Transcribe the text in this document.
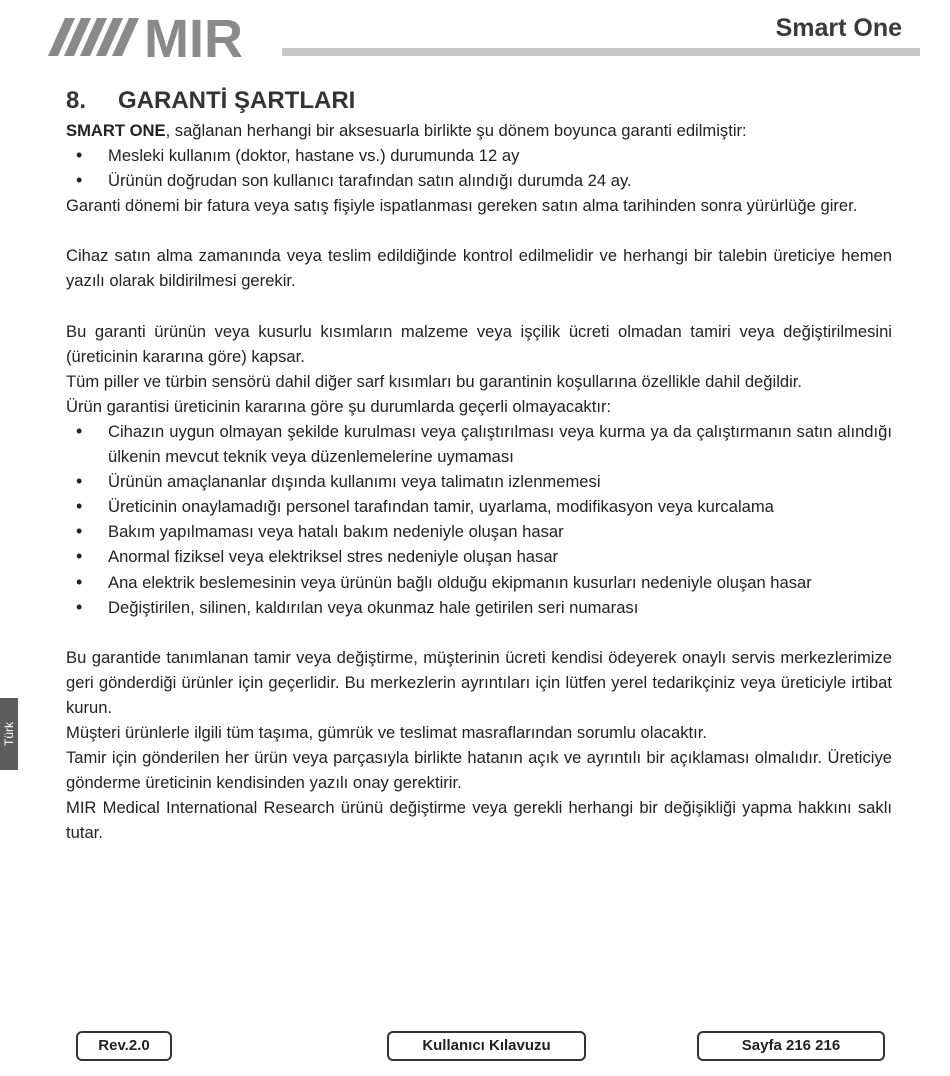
MIR	Smart One
Türk
8. GARANTİ ŞARTLARI

SMART ONE, sağlanan herhangi bir aksesuarla birlikte şu dönem boyunca garanti edilmiştir:

• Mesleki kullanım (doktor, hastane vs.) durumunda 12 ay
• Ürünün doğrudan son kullanıcı tarafından satın alındığı durumda 24 ay.

Garanti dönemi bir fatura veya satış fişiyle ispatlanması gereken satın alma tarihinden sonra yürürlüğe girer.

Cihaz satın alma zamanında veya teslim edildiğinde kontrol edilmelidir ve herhangi bir talebin üreticiye hemen yazılı olarak bildirilmesi gerekir.

Bu garanti ürünün veya kusurlu kısımların malzeme veya işçilik ücreti olmadan tamiri veya değiştirilmesini (üreticinin kararına göre) kapsar.

Tüm piller ve türbin sensörü dahil diğer sarf kısımları bu garantinin koşullarına özellikle dahil değildir.

Ürün garantisi üreticinin kararına göre şu durumlarda geçerli olmayacaktır:

• Cihazın uygun olmayan şekilde kurulması veya çalıştırılması veya kurma ya da çalıştırmanın satın alındığı ülkenin mevcut teknik veya düzenlemelerine uymaması
• Ürünün amaçlananlar dışında kullanımı veya talimatın izlenmemesi
• Üreticinin onaylamadığı personel tarafından tamir, uyarlama, modifikasyon veya kurcalama
• Bakım yapılmaması veya hatalı bakım nedeniyle oluşan hasar
• Anormal fiziksel veya elektriksel stres nedeniyle oluşan hasar
• Ana elektrik beslemesinin veya ürünün bağlı olduğu ekipmanın kusurları nedeniyle oluşan hasar
• Değiştirilen, silinen, kaldırılan veya okunmaz hale getirilen seri numarası

Bu garantide tanımlanan tamir veya değiştirme, müşterinin ücreti kendisi ödeyerek onaylı servis merkezlerimize geri gönderdiği ürünler için geçerlidir. Bu merkezlerin ayrıntıları için lütfen yerel tedarikçiniz veya üreticiyle irtibat kurun.

Müşteri ürünlerle ilgili tüm taşıma, gümrük ve teslimat masraflarından sorumlu olacaktır.

Tamir için gönderilen her ürün veya parçasıyla birlikte hatanın açık ve ayrıntılı bir açıklaması olmalıdır. Üreticiye gönderme üreticinin kendisinden yazılı onay gerektirir.

MIR Medical International Research ürünü değiştirme veya gerekli herhangi bir değişikliği yapma hakkını saklı tutar.

Rev.2.0	Kullanıcı Kılavuzu	Sayfa 216 216
